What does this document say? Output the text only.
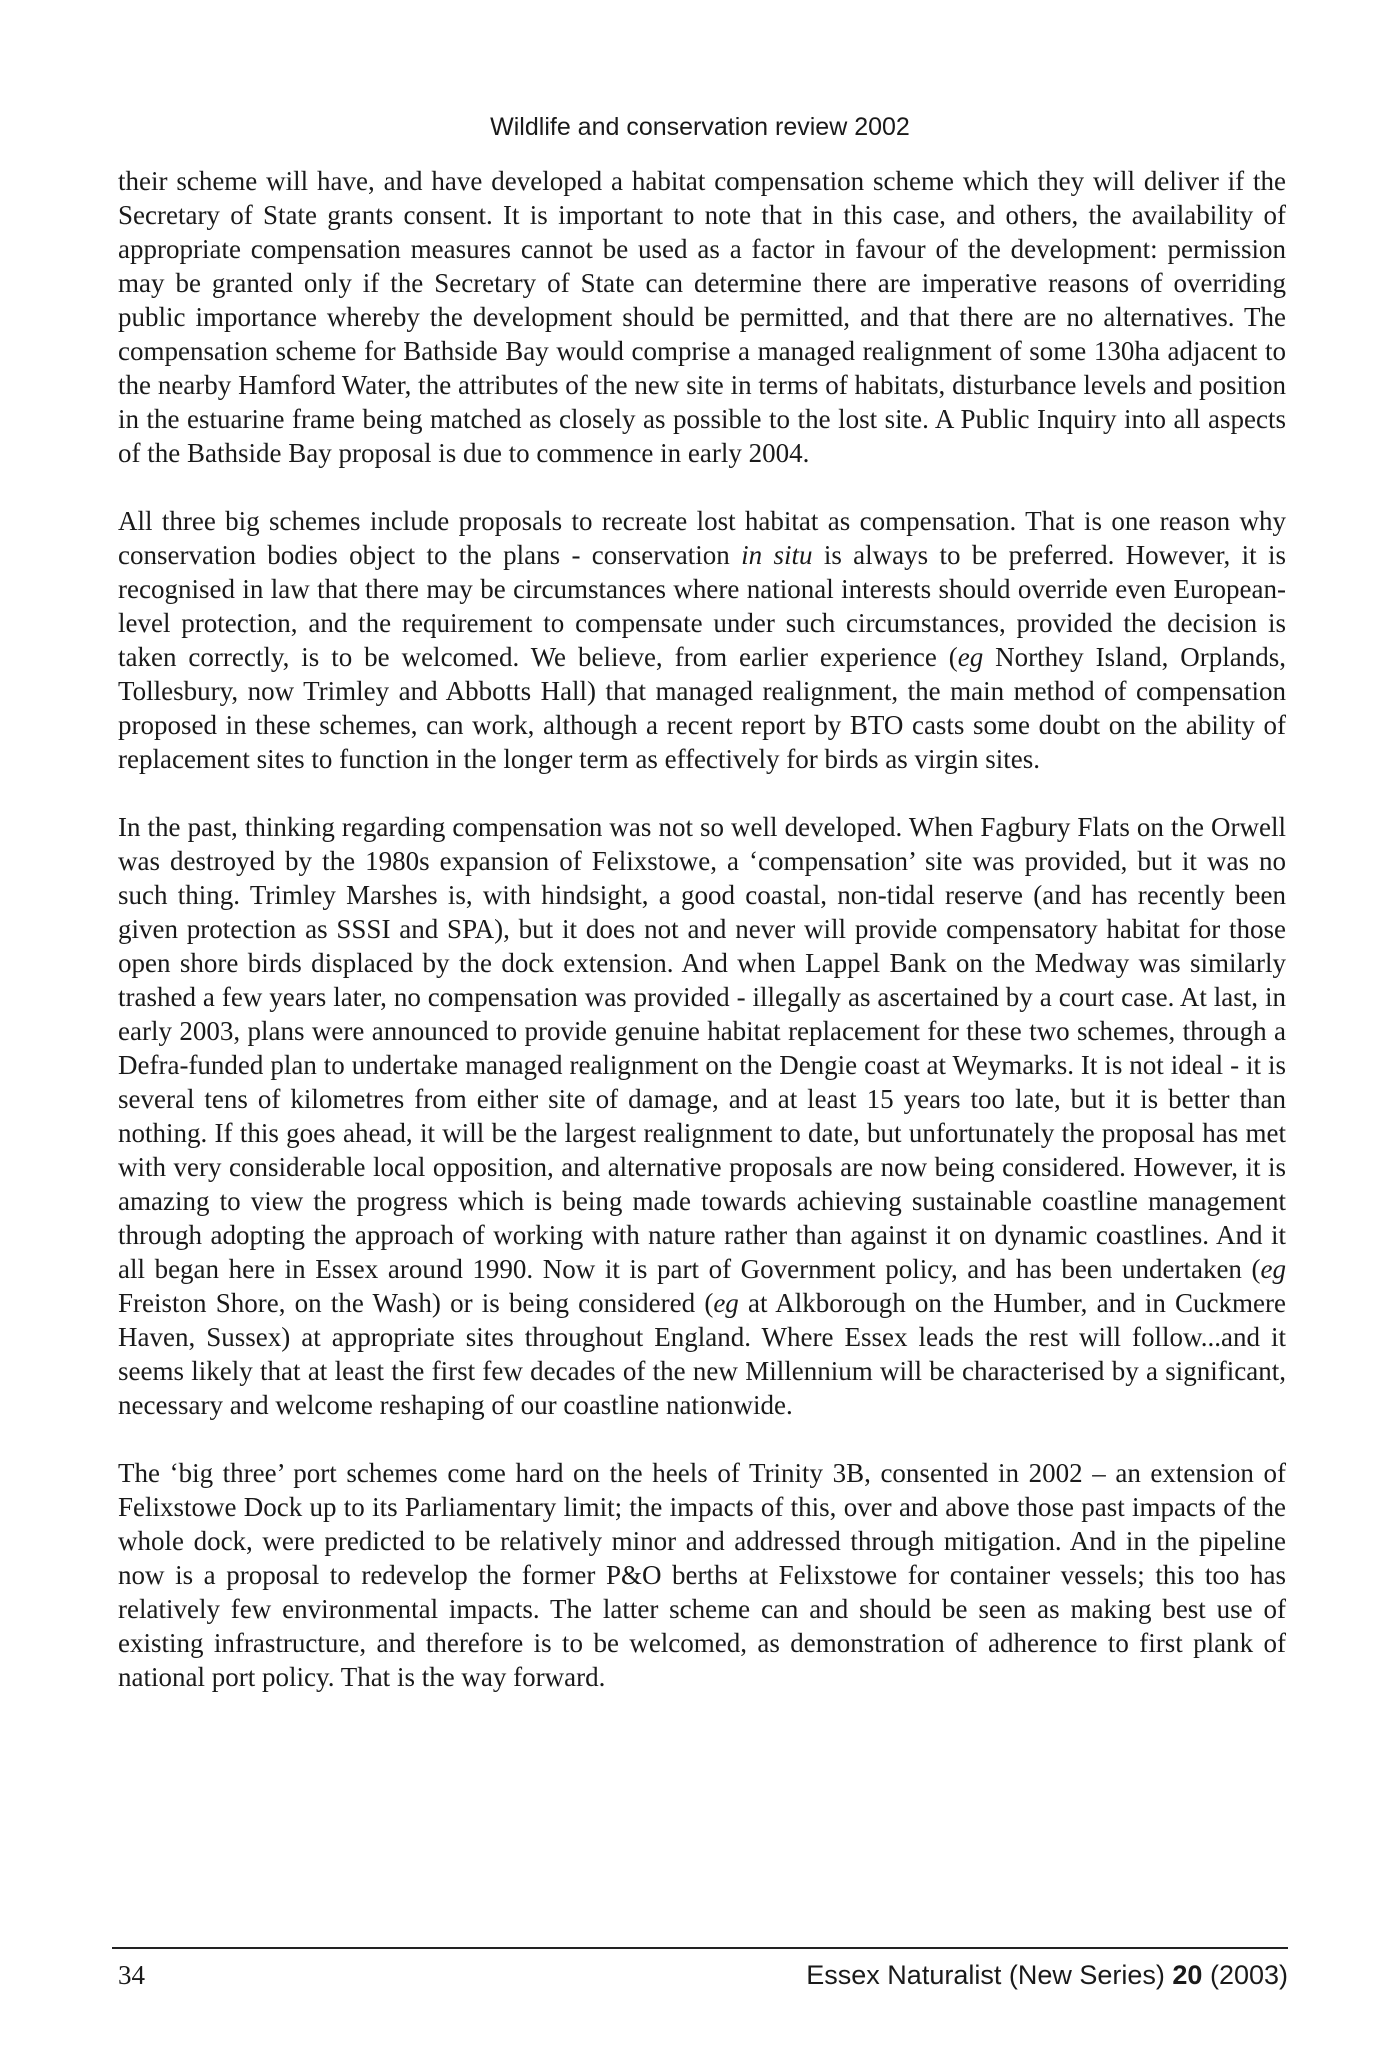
Wildlife and conservation review 2002

their scheme will have, and have developed a habitat compensation scheme which they will deliver if the Secretary of State grants consent. It is important to note that in this case, and others, the availability of appropriate compensation measures cannot be used as a factor in favour of the development: permission may be granted only if the Secretary of State can determine there are imperative reasons of overriding public importance whereby the development should be permitted, and that there are no alternatives. The compensation scheme for Bathside Bay would comprise a managed realignment of some 130ha adjacent to the nearby Hamford Water, the attributes of the new site in terms of habitats, disturbance levels and position in the estuarine frame being matched as closely as possible to the lost site. A Public Inquiry into all aspects of the Bathside Bay proposal is due to commence in early 2004.

All three big schemes include proposals to recreate lost habitat as compensation. That is one reason why conservation bodies object to the plans - conservation in situ is always to be preferred. However, it is recognised in law that there may be circumstances where national interests should override even European-level protection, and the requirement to compensate under such circumstances, provided the decision is taken correctly, is to be welcomed. We believe, from earlier experience (eg Northey Island, Orplands, Tollesbury, now Trimley and Abbotts Hall) that managed realignment, the main method of compensation proposed in these schemes, can work, although a recent report by BTO casts some doubt on the ability of replacement sites to function in the longer term as effectively for birds as virgin sites.

In the past, thinking regarding compensation was not so well developed. When Fagbury Flats on the Orwell was destroyed by the 1980s expansion of Felixstowe, a ‘compensation’ site was provided, but it was no such thing. Trimley Marshes is, with hindsight, a good coastal, non-tidal reserve (and has recently been given protection as SSSI and SPA), but it does not and never will provide compensatory habitat for those open shore birds displaced by the dock extension. And when Lappel Bank on the Medway was similarly trashed a few years later, no compensation was provided - illegally as ascertained by a court case. At last, in early 2003, plans were announced to provide genuine habitat replacement for these two schemes, through a Defra-funded plan to undertake managed realignment on the Dengie coast at Weymarks. It is not ideal - it is several tens of kilometres from either site of damage, and at least 15 years too late, but it is better than nothing. If this goes ahead, it will be the largest realignment to date, but unfortunately the proposal has met with very considerable local opposition, and alternative proposals are now being considered. However, it is amazing to view the progress which is being made towards achieving sustainable coastline management through adopting the approach of working with nature rather than against it on dynamic coastlines. And it all began here in Essex around 1990. Now it is part of Government policy, and has been undertaken (eg Freiston Shore, on the Wash) or is being considered (eg at Alkborough on the Humber, and in Cuckmere Haven, Sussex) at appropriate sites throughout England. Where Essex leads the rest will follow...and it seems likely that at least the first few decades of the new Millennium will be characterised by a significant, necessary and welcome reshaping of our coastline nationwide.

The ‘big three’ port schemes come hard on the heels of Trinity 3B, consented in 2002 – an extension of Felixstowe Dock up to its Parliamentary limit; the impacts of this, over and above those past impacts of the whole dock, were predicted to be relatively minor and addressed through mitigation. And in the pipeline now is a proposal to redevelop the former P&O berths at Felixstowe for container vessels; this too has relatively few environmental impacts. The latter scheme can and should be seen as making best use of existing infrastructure, and therefore is to be welcomed, as demonstration of adherence to first plank of national port policy. That is the way forward.

34	Essex Naturalist (New Series) 20 (2003)
